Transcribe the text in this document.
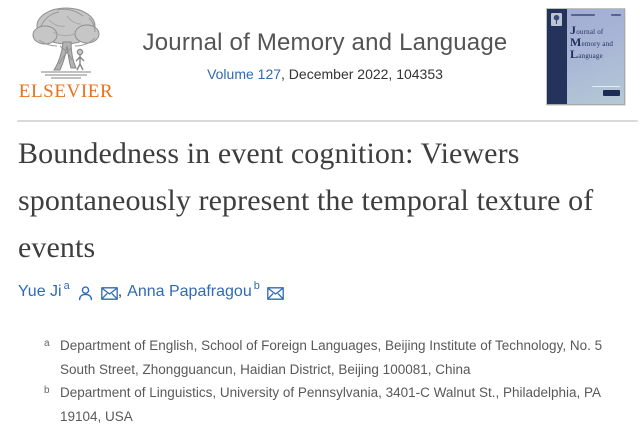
ELSEVIER
Journal of Memory and Language
Volume 127, December 2022, 104353
Journal of
Memory and
Language
Boundedness in event cognition: Viewers spontaneously represent the temporal texture of events
Yue Ji$^a$	, Anna Papafragou$^b$
a Department of English, School of Foreign Languages, Beijing Institute of Technology, No. 5 South Street, Zhongguancun, Haidian District, Beijing 100081, China
b Department of Linguistics, University of Pennsylvania, 3401-C Walnut St., Philadelphia, PA 19104, USA
